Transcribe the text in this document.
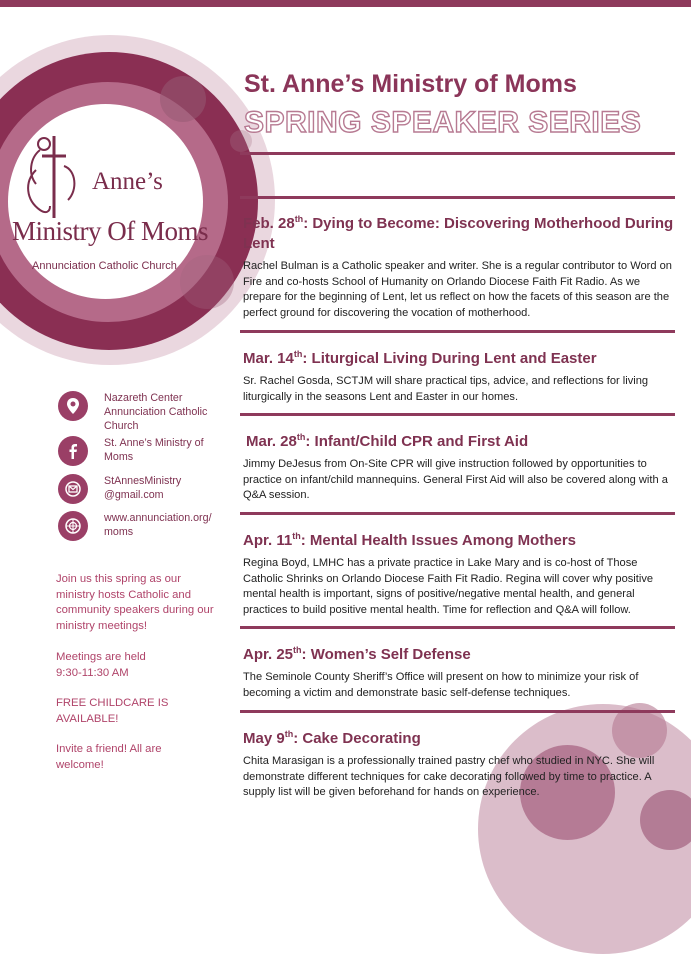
Anne’s
Ministry Of Moms
Annunciation Catholic Church
St. Anne’s Ministry of Moms
SPRING SPEAKER SERIES
Feb. 28th: Dying to Become: Discovering Motherhood During Lent
Rachel Bulman is a Catholic speaker and writer. She is a regular contributor to Word on Fire and co-hosts School of Humanity on Orlando Diocese Faith Fit Radio. As we prepare for the beginning of Lent, let us reflect on how the facets of this season are the perfect ground for discovering the vocation of motherhood.
Mar. 14th: Liturgical Living During Lent and Easter
Sr. Rachel Gosda, SCTJM will share practical tips, advice, and reflections for living liturgically in the seasons Lent and Easter in our homes.
Mar. 28th: Infant/Child CPR and First Aid
Jimmy DeJesus from On-Site CPR will give instruction followed by opportunities to practice on infant/child mannequins. General First Aid will also be covered along with a Q&A session.
Apr. 11th: Mental Health Issues Among Mothers
Regina Boyd, LMHC has a private practice in Lake Mary and is co-host of Those Catholic Shrinks on Orlando Diocese Faith Fit Radio. Regina will cover why positive mental health is important, signs of positive/negative mental health, and general practices to build positive mental health. Time for reflection and Q&A will follow.
Apr. 25th: Women’s Self Defense
The Seminole County Sheriff’s Office will present on how to minimize your risk of becoming a victim and demonstrate basic self-defense techniques.
May 9th: Cake Decorating
Chita Marasigan is a professionally trained pastry chef who studied in NYC. She will demonstrate different techniques for cake decorating followed by time to practice. A supply list will be given beforehand for hands on experience.
Nazareth Center
Annunciation Catholic Church
St. Anne’s Ministry of
Moms
StAnnesMinistry
@gmail.com
www.annunciation.org/
moms
Join us this spring as our ministry hosts Catholic and community speakers during our ministry meetings!
Meetings are held
9:30-11:30 AM
FREE CHILDCARE IS AVAILABLE!
Invite a friend! All are welcome!
